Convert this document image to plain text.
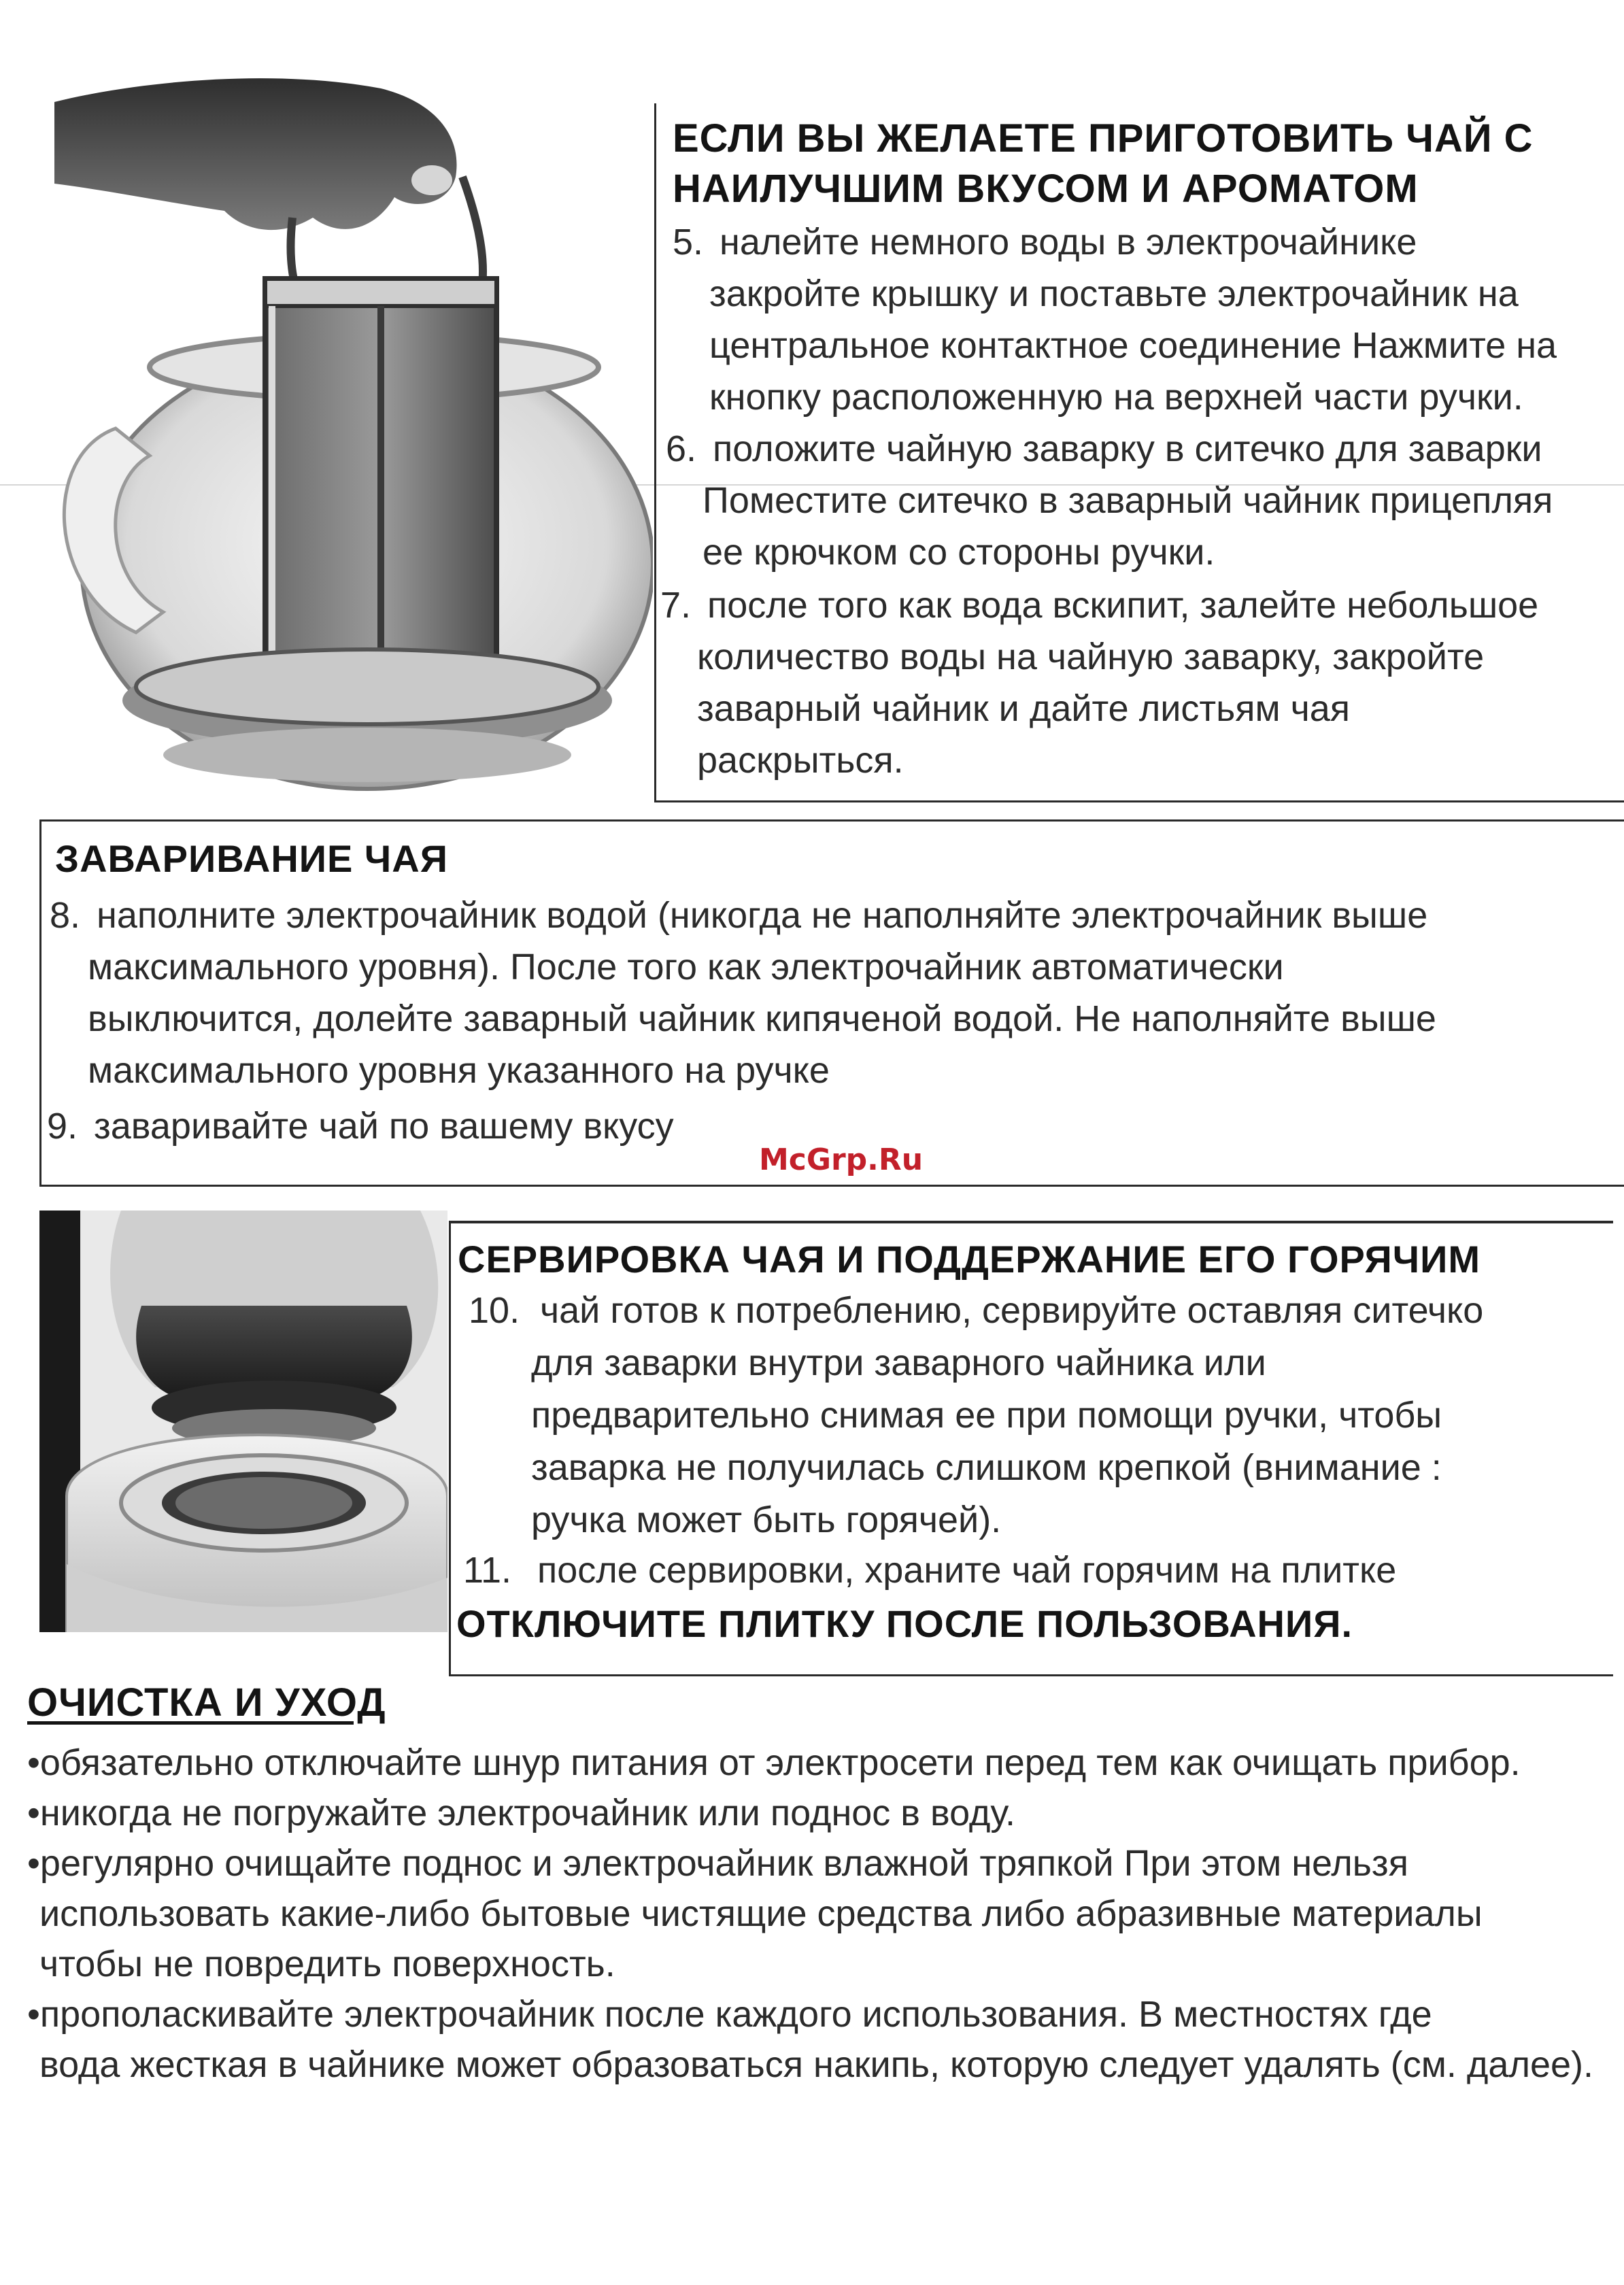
ЕСЛИ ВЫ ЖЕЛАЕТЕ ПРИГОТОВИТЬ ЧАЙ С
НАИЛУЧШИМ ВКУСОМ И АРОМАТОМ
5. налейте немного воды в электрочайнике
закройте крышку и поставьте электрочайник на
центральное контактное соединение Нажмите на
кнопку расположенную на верхней части ручки.
6. положите чайную заварку в ситечко для заварки
Поместите ситечко в заварный чайник прицепляя
ее крючком со стороны ручки.
7. после того как вода вскипит, залейте небольшое
количество воды на чайную заварку, закройте
заварный чайник и дайте листьям чая
раскрыться.
ЗАВАРИВАНИЕ ЧАЯ
8. наполните электрочайник водой (никогда не наполняйте электрочайник выше
максимального уровня). После того как электрочайник автоматически
выключится, долейте заварный чайник кипяченой водой. Не наполняйте выше
максимального уровня указанного на ручке
9. заваривайте чай по вашему вкусу
McGrp.Ru
СЕРВИРОВКА ЧАЯ И ПОДДЕРЖАНИЕ ЕГО ГОРЯЧИМ
10. чай готов к потреблению, сервируйте оставляя ситечко
для заварки внутри заварного чайника или
предварительно снимая ее при помощи ручки, чтобы
заварка не получилась слишком крепкой (внимание :
ручка может быть горячей).
11. после сервировки, храните чай горячим на плитке
ОТКЛЮЧИТЕ ПЛИТКУ ПОСЛЕ ПОЛЬЗОВАНИЯ.
ОЧИСТКА И УХОД
•обязательно отключайте шнур питания от электросети перед тем как очищать прибор.
•никогда не погружайте электрочайник или поднос в воду.
•регулярно очищайте поднос и электрочайник влажной тряпкой При этом нельзя
использовать какие-либо бытовые чистящие средства либо абразивные материалы
чтобы не повредить поверхность.
•прополаскивайте электрочайник после каждого использования. В местностях где
вода жесткая в чайнике может образоваться накипь, которую следует удалять (см. далее).
